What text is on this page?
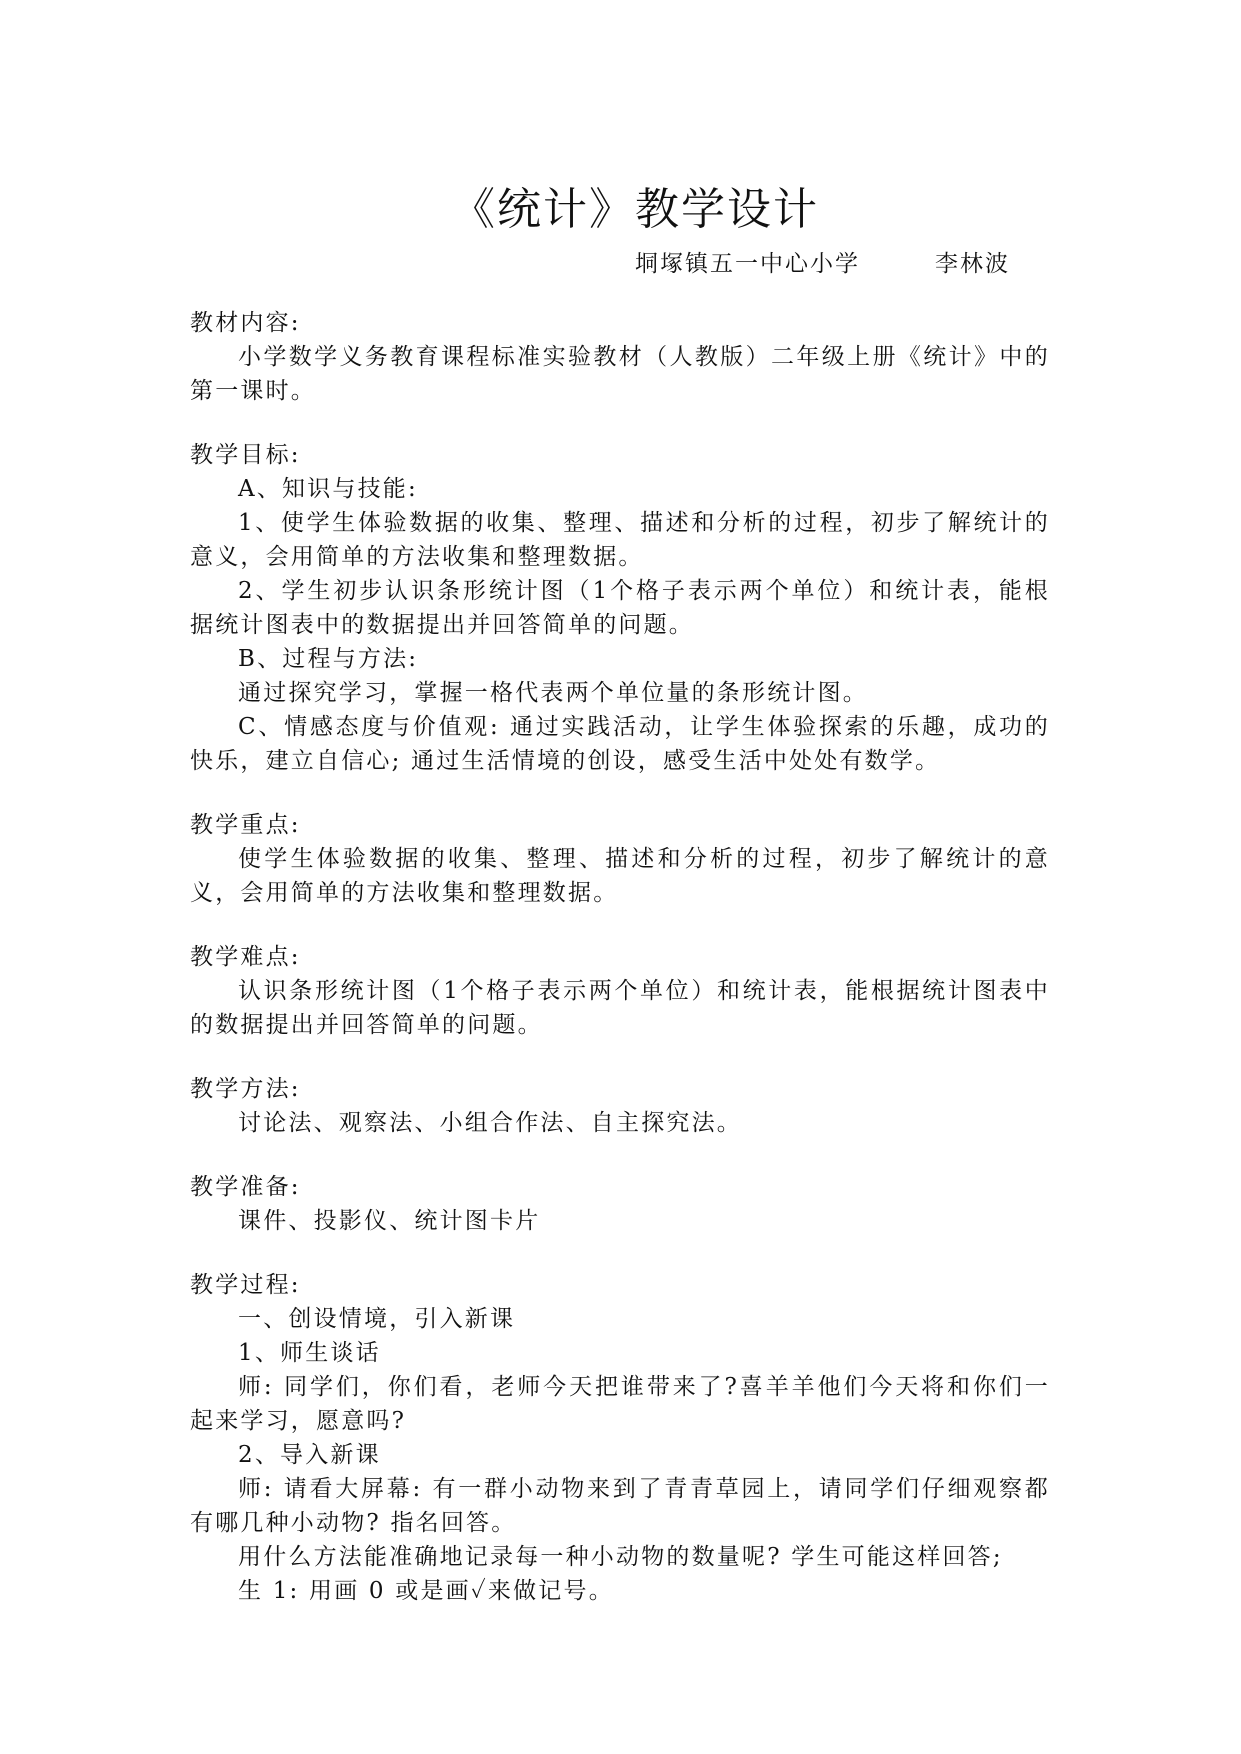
《统计》教学设计
垌塚镇五一中心小学　　　李林波

教材内容:

小学数学义务教育课程标准实验教材（人教版）二年级上册《统计》中的第一课时。

教学目标:

A、知识与技能:

1、使学生体验数据的收集、整理、描述和分析的过程，初步了解统计的意义，会用简单的方法收集和整理数据。

2、学生初步认识条形统计图（1个格子表示两个单位）和统计表，能根据统计图表中的数据提出并回答简单的问题。

B、过程与方法:

通过探究学习，掌握一格代表两个单位量的条形统计图。

C、情感态度与价值观: 通过实践活动，让学生体验探索的乐趣，成功的快乐，建立自信心; 通过生活情境的创设，感受生活中处处有数学。

教学重点:

使学生体验数据的收集、整理、描述和分析的过程，初步了解统计的意义，会用简单的方法收集和整理数据。

教学难点:

认识条形统计图（1个格子表示两个单位）和统计表，能根据统计图表中的数据提出并回答简单的问题。

教学方法:

讨论法、观察法、小组合作法、自主探究法。

教学准备:

课件、投影仪、统计图卡片

教学过程:

一、创设情境，引入新课

1、师生谈话

师: 同学们，你们看，老师今天把谁带来了?喜羊羊他们今天将和你们一起来学习，愿意吗?

2、导入新课

师: 请看大屏幕: 有一群小动物来到了青青草园上，请同学们仔细观察都有哪几种小动物? 指名回答。

用什么方法能准确地记录每一种小动物的数量呢? 学生可能这样回答;

生 1: 用画 0 或是画✓来做记号。
